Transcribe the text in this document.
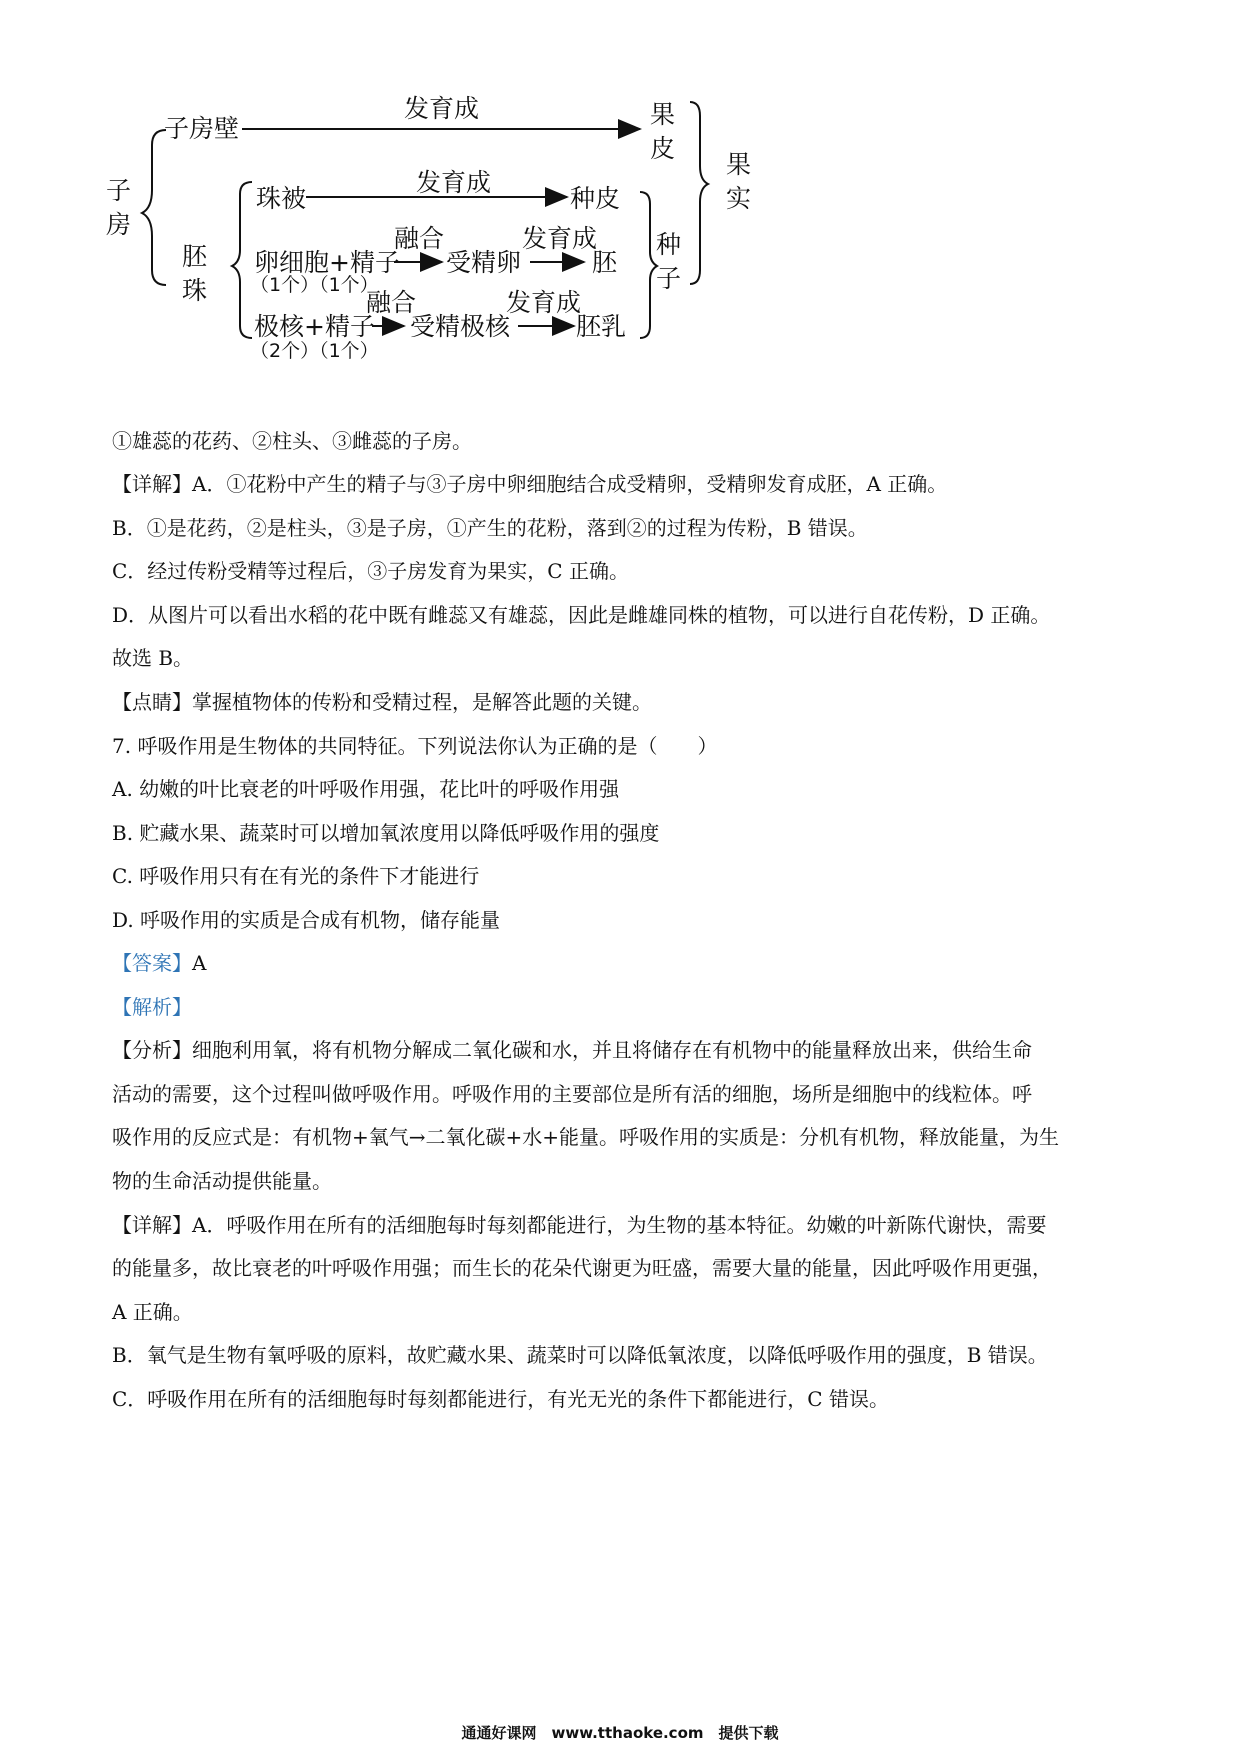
子
房
子房壁
发育成	果
皮
果
实
胚
珠
珠被
发育成
种皮
融合
卵细胞+精子
（1个）（1个）
受精卵
发育成
胚
种
子
融合
极核+精子
（2个）（1个）
受精极核
发育成
胚乳
①雄蕊的花药、②柱头、③雌蕊的子房。
【详解】A．①花粉中产生的精子与③子房中卵细胞结合成受精卵，受精卵发育成胚，A 正确。
B．①是花药，②是柱头，③是子房，①产生的花粉，落到②的过程为传粉，B 错误。
C．经过传粉受精等过程后，③子房发育为果实，C 正确。
D．从图片可以看出水稻的花中既有雌蕊又有雄蕊，因此是雌雄同株的植物，可以进行自花传粉，D 正确。
故选 B。
【点睛】掌握植物体的传粉和受精过程，是解答此题的关键。
7. 呼吸作用是生物体的共同特征。下列说法你认为正确的是（　　）
A. 幼嫩的叶比衰老的叶呼吸作用强，花比叶的呼吸作用强
B. 贮藏水果、蔬菜时可以增加氧浓度用以降低呼吸作用的强度
C. 呼吸作用只有在有光的条件下才能进行
D. 呼吸作用的实质是合成有机物，储存能量
【答案】A
【解析】
【分析】细胞利用氧，将有机物分解成二氧化碳和水，并且将储存在有机物中的能量释放出来，供给生命
活动的需要，这个过程叫做呼吸作用。呼吸作用的主要部位是所有活的细胞，场所是细胞中的线粒体。呼
吸作用的反应式是：有机物+氧气→二氧化碳+水+能量。呼吸作用的实质是：分机有机物，释放能量，为生
物的生命活动提供能量。
【详解】A．呼吸作用在所有的活细胞每时每刻都能进行，为生物的基本特征。幼嫩的叶新陈代谢快，需要
的能量多，故比衰老的叶呼吸作用强；而生长的花朵代谢更为旺盛，需要大量的能量，因此呼吸作用更强，
A 正确。
B．氧气是生物有氧呼吸的原料，故贮藏水果、蔬菜时可以降低氧浓度，以降低呼吸作用的强度，B 错误。
C．呼吸作用在所有的活细胞每时每刻都能进行，有光无光的条件下都能进行，C 错误。
通通好课网　www.tthaoke.com　提供下载
